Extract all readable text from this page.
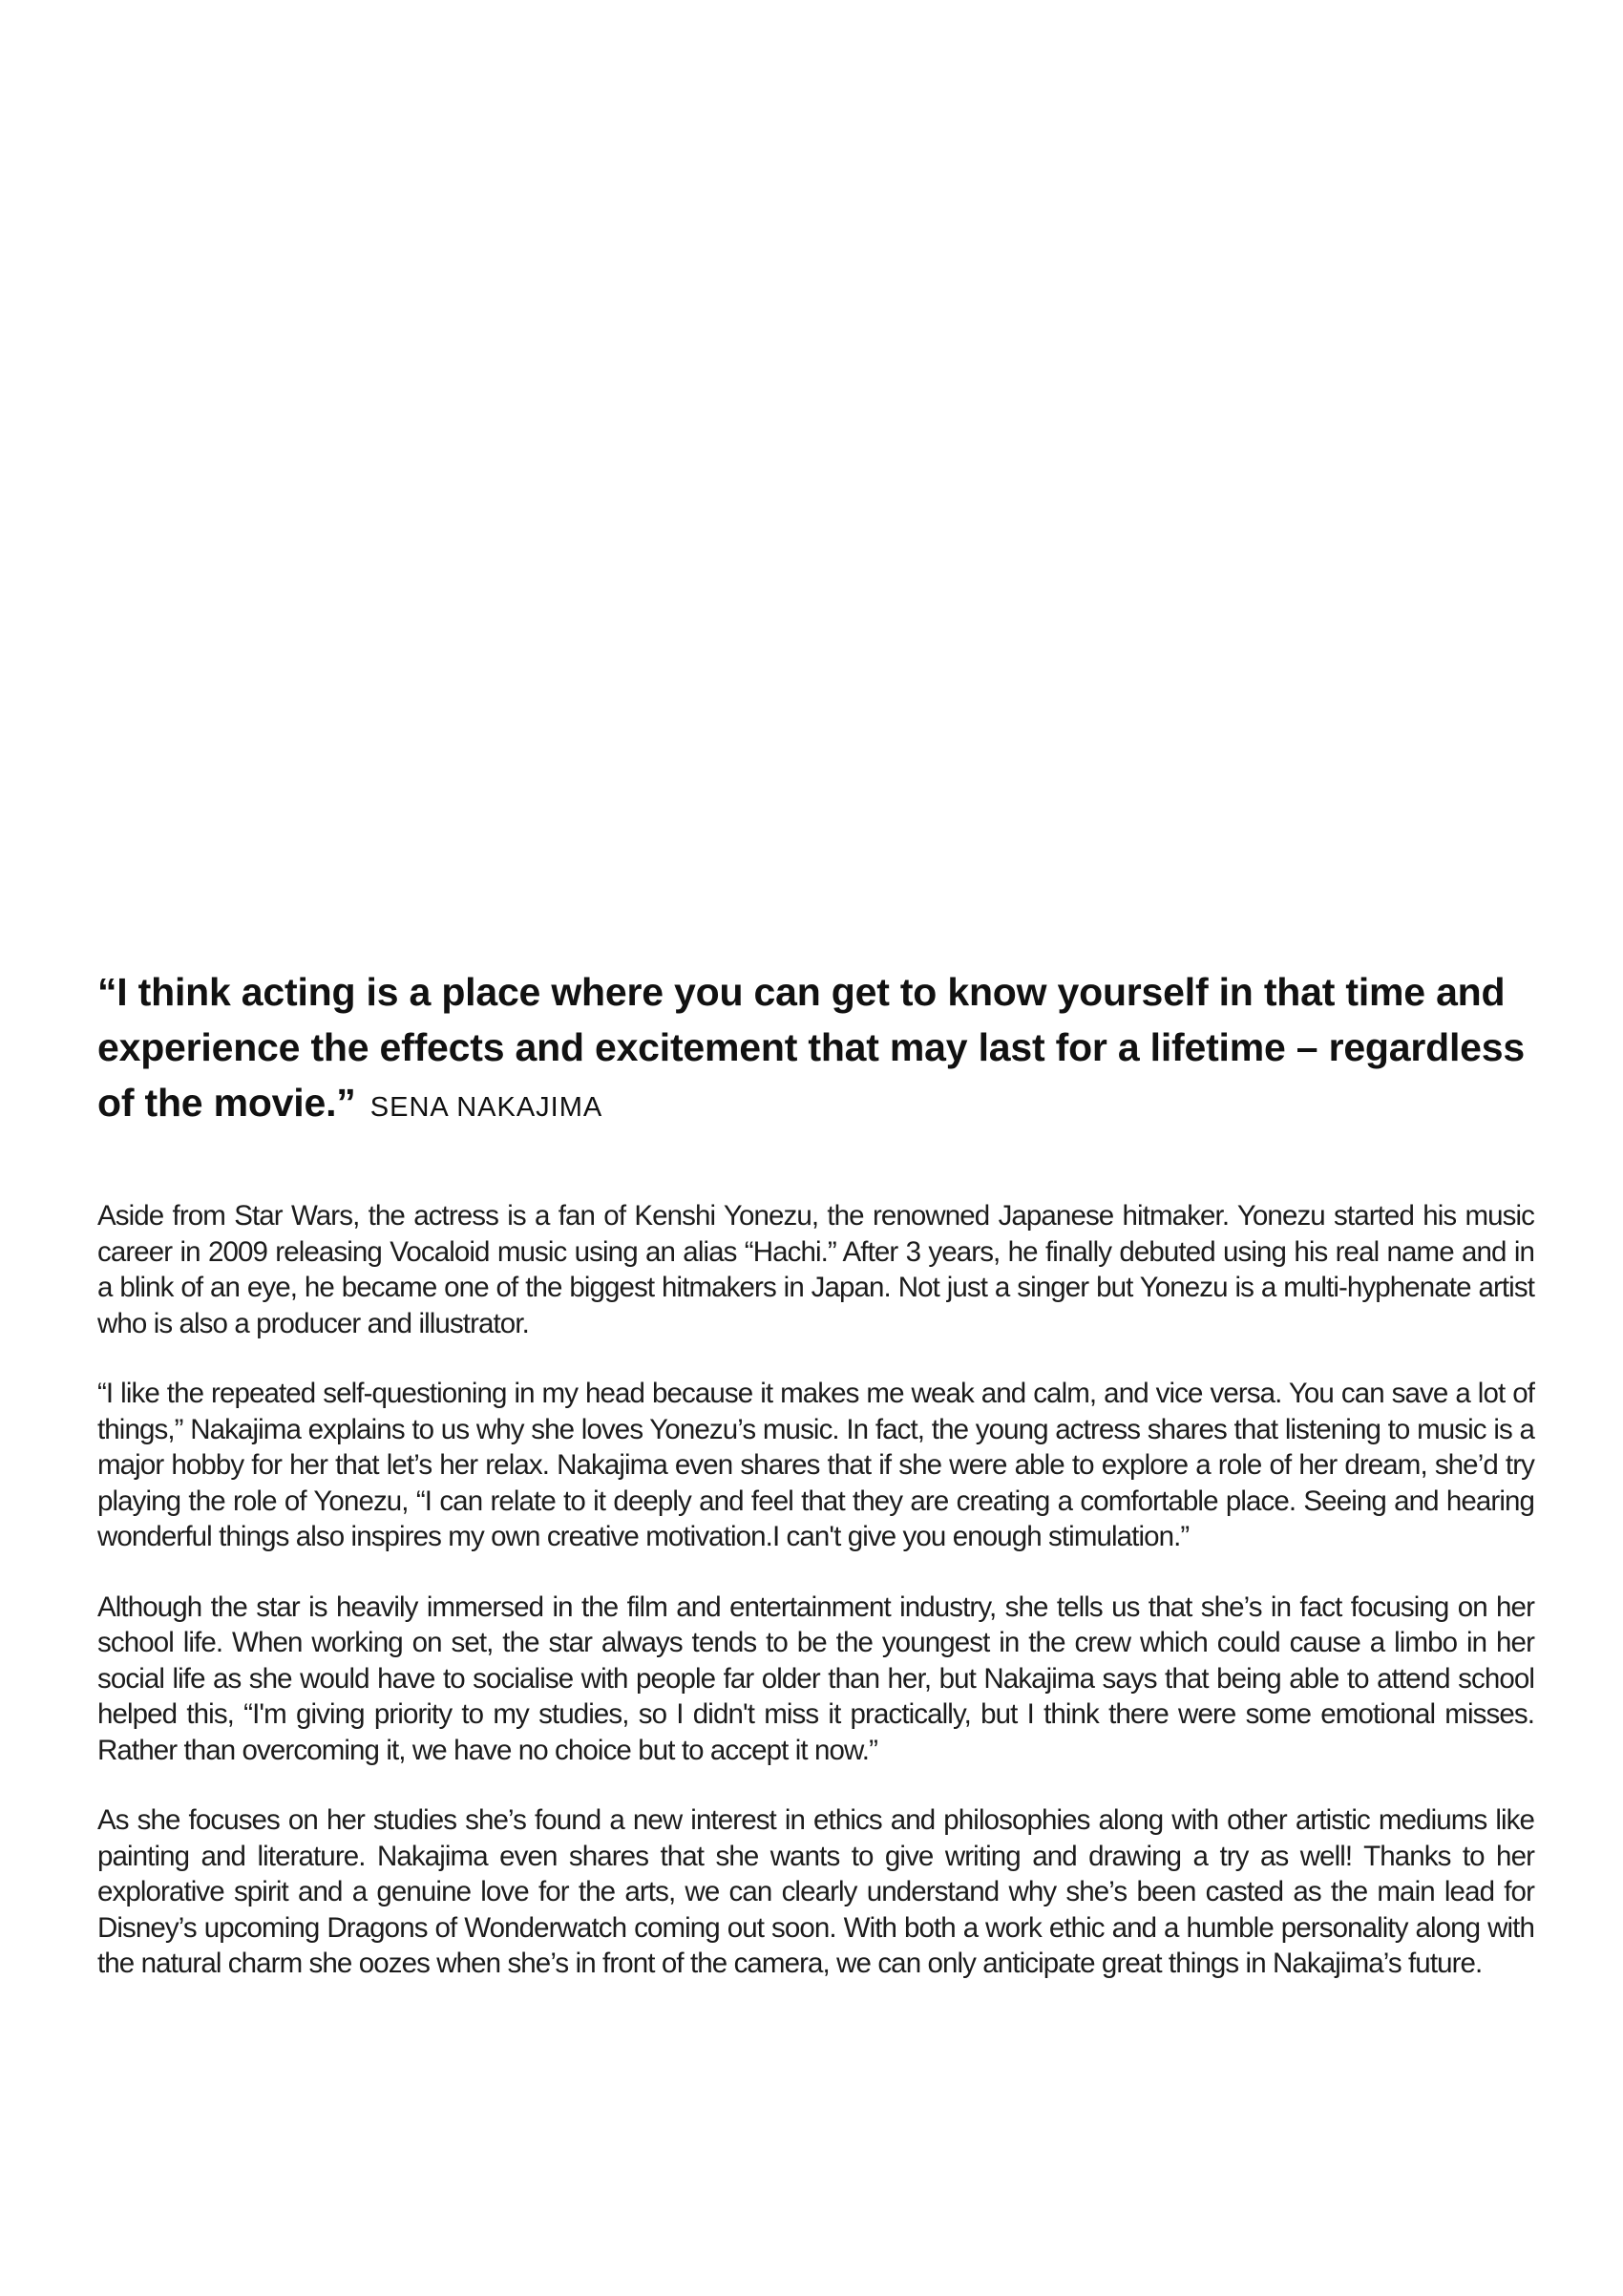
“I think acting is a place where you can get to know yourself in that time and experience the effects and excitement that may last for a lifetime – regardless of the movie.” SENA NAKAJIMA

Aside from Star Wars, the actress is a fan of Kenshi Yonezu, the renowned Japanese hitmaker. Yonezu started his music career in 2009 releasing Vocaloid music using an alias “Hachi.” After 3 years, he finally debuted using his real name and in a blink of an eye, he became one of the biggest hitmakers in Japan. Not just a singer but Yonezu is a multi-hyphenate artist who is also a producer and illustrator.

“I like the repeated self-questioning in my head because it makes me weak and calm, and vice versa. You can save a lot of things,” Nakajima explains to us why she loves Yonezu’s music. In fact, the young actress shares that listening to music is a major hobby for her that let’s her relax. Nakajima even shares that if she were able to explore a role of her dream, she’d try playing the role of Yonezu, “I can relate to it deeply and feel that they are creating a comfortable place. Seeing and hearing wonderful things also inspires my own creative motivation.I can't give you enough stimulation.”

Although the star is heavily immersed in the film and entertainment industry, she tells us that she’s in fact focusing on her school life. When working on set, the star always tends to be the youngest in the crew which could cause a limbo in her social life as she would have to socialise with people far older than her, but Nakajima says that being able to attend school helped this, “I'm giving priority to my studies, so I didn't miss it practically, but I think there were some emotional misses. Rather than overcoming it, we have no choice but to accept it now.”

As she focuses on her studies she’s found a new interest in ethics and philosophies along with other artistic mediums like painting and literature. Nakajima even shares that she wants to give writing and drawing a try as well! Thanks to her explorative spirit and a genuine love for the arts, we can clearly understand why she’s been casted as the main lead for Disney’s upcoming Dragons of Wonderwatch coming out soon. With both a work ethic and a humble personality along with the natural charm she oozes when she’s in front of the camera, we can only anticipate great things in Nakajima’s future.
